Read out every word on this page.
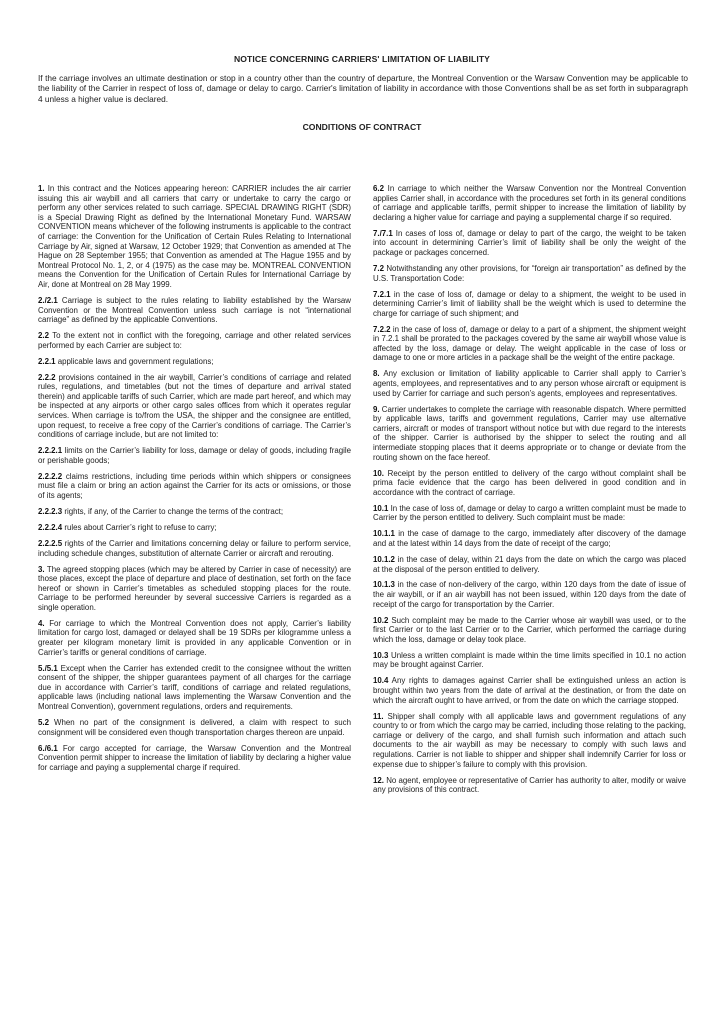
NOTICE CONCERNING CARRIERS' LIMITATION OF LIABILITY
If the carriage involves an ultimate destination or stop in a country other than the country of departure, the Montreal Convention or the Warsaw Convention may be applicable to the liability of the Carrier in respect of loss of, damage or delay to cargo. Carrier's limitation of liability in accordance with those Conventions shall be as set forth in subparagraph 4 unless a higher value is declared.
CONDITIONS OF CONTRACT

1. In this contract and the Notices appearing hereon: CARRIER includes the air carrier issuing this air waybill and all carriers that carry or undertake to carry the cargo or perform any other services related to such carriage. SPECIAL DRAWING RIGHT (SDR) is a Special Drawing Right as defined by the International Monetary Fund. WARSAW CONVENTION means whichever of the following instruments is applicable to the contract of carriage: the Convention for the Unification of Certain Rules Relating to International Carriage by Air, signed at Warsaw, 12 October 1929; that Convention as amended at The Hague on 28 September 1955; that Convention as amended at The Hague 1955 and by Montreal Protocol No. 1, 2, or 4 (1975) as the case may be. MONTREAL CONVENTION means the Convention for the Unification of Certain Rules for International Carriage by Air, done at Montreal on 28 May 1999.

2./2.1 Carriage is subject to the rules relating to liability established by the Warsaw Convention or the Montreal Convention unless such carriage is not “international carriage” as defined by the applicable Conventions.

2.2 To the extent not in conflict with the foregoing, carriage and other related services performed by each Carrier are subject to:

2.2.1 applicable laws and government regulations;

2.2.2 provisions contained in the air waybill, Carrier’s conditions of carriage and related rules, regulations, and timetables (but not the times of departure and arrival stated therein) and applicable tariffs of such Carrier, which are made part hereof, and which may be inspected at any airports or other cargo sales offices from which it operates regular services. When carriage is to/from the USA, the shipper and the consignee are entitled, upon request, to receive a free copy of the Carrier’s conditions of carriage. The Carrier’s conditions of carriage include, but are not limited to:

2.2.2.1 limits on the Carrier’s liability for loss, damage or delay of goods, including fragile or perishable goods;

2.2.2.2 claims restrictions, including time periods within which shippers or consignees must file a claim or bring an action against the Carrier for its acts or omissions, or those of its agents;

2.2.2.3 rights, if any, of the Carrier to change the terms of the contract;

2.2.2.4 rules about Carrier’s right to refuse to carry;

2.2.2.5 rights of the Carrier and limitations concerning delay or failure to perform service, including schedule changes, substitution of alternate Carrier or aircraft and rerouting.

3. The agreed stopping places (which may be altered by Carrier in case of necessity) are those places, except the place of departure and place of destination, set forth on the face hereof or shown in Carrier’s timetables as scheduled stopping places for the route. Carriage to be performed hereunder by several successive Carriers is regarded as a single operation.

4. For carriage to which the Montreal Convention does not apply, Carrier’s liability limitation for cargo lost, damaged or delayed shall be 19 SDRs per kilogramme unless a greater per kilogram monetary limit is provided in any applicable Convention or in Carrier’s tariffs or general conditions of carriage.

5./5.1 Except when the Carrier has extended credit to the consignee without the written consent of the shipper, the shipper guarantees payment of all charges for the carriage due in accordance with Carrier’s tariff, conditions of carriage and related regulations, applicable laws (including national laws implementing the Warsaw Convention and the Montreal Convention), government regulations, orders and requirements.

5.2 When no part of the consignment is delivered, a claim with respect to such consignment will be considered even though transportation charges thereon are unpaid.

6./6.1 For cargo accepted for carriage, the Warsaw Convention and the Montreal Convention permit shipper to increase the limitation of liability by declaring a higher value for carriage and paying a supplemental charge if required.

6.2 In carriage to which neither the Warsaw Convention nor the Montreal Convention applies Carrier shall, in accordance with the procedures set forth in its general conditions of carriage and applicable tariffs, permit shipper to increase the limitation of liability by declaring a higher value for carriage and paying a supplemental charge if so required.

7./7.1 In cases of loss of, damage or delay to part of the cargo, the weight to be taken into account in determining Carrier’s limit of liability shall be only the weight of the package or packages concerned.

7.2 Notwithstanding any other provisions, for “foreign air transportation” as defined by the U.S. Transportation Code:

7.2.1 in the case of loss of, damage or delay to a shipment, the weight to be used in determining Carrier’s limit of liability shall be the weight which is used to determine the charge for carriage of such shipment; and

7.2.2 in the case of loss of, damage or delay to a part of a shipment, the shipment weight in 7.2.1 shall be prorated to the packages covered by the same air waybill whose value is affected by the loss, damage or delay. The weight applicable in the case of loss or damage to one or more articles in a package shall be the weight of the entire package.

8. Any exclusion or limitation of liability applicable to Carrier shall apply to Carrier’s agents, employees, and representatives and to any person whose aircraft or equipment is used by Carrier for carriage and such person’s agents, employees and representatives.

9. Carrier undertakes to complete the carriage with reasonable dispatch. Where permitted by applicable laws, tariffs and government regulations, Carrier may use alternative carriers, aircraft or modes of transport without notice but with due regard to the interests of the shipper. Carrier is authorised by the shipper to select the routing and all intermediate stopping places that it deems appropriate or to change or deviate from the routing shown on the face hereof.

10. Receipt by the person entitled to delivery of the cargo without complaint shall be prima facie evidence that the cargo has been delivered in good condition and in accordance with the contract of carriage.

10.1 In the case of loss of, damage or delay to cargo a written complaint must be made to Carrier by the person entitled to delivery. Such complaint must be made:

10.1.1 in the case of damage to the cargo, immediately after discovery of the damage and at the latest within 14 days from the date of receipt of the cargo;

10.1.2 in the case of delay, within 21 days from the date on which the cargo was placed at the disposal of the person entitled to delivery.

10.1.3 in the case of non-delivery of the cargo, within 120 days from the date of issue of the air waybill, or if an air waybill has not been issued, within 120 days from the date of receipt of the cargo for transportation by the Carrier.

10.2 Such complaint may be made to the Carrier whose air waybill was used, or to the first Carrier or to the last Carrier or to the Carrier, which performed the carriage during which the loss, damage or delay took place.

10.3 Unless a written complaint is made within the time limits specified in 10.1 no action may be brought against Carrier.

10.4 Any rights to damages against Carrier shall be extinguished unless an action is brought within two years from the date of arrival at the destination, or from the date on which the aircraft ought to have arrived, or from the date on which the carriage stopped.

11. Shipper shall comply with all applicable laws and government regulations of any country to or from which the cargo may be carried, including those relating to the packing, carriage or delivery of the cargo, and shall furnish such information and attach such documents to the air waybill as may be necessary to comply with such laws and regulations. Carrier is not liable to shipper and shipper shall indemnify Carrier for loss or expense due to shipper’s failure to comply with this provision.

12. No agent, employee or representative of Carrier has authority to alter, modify or waive any provisions of this contract.
